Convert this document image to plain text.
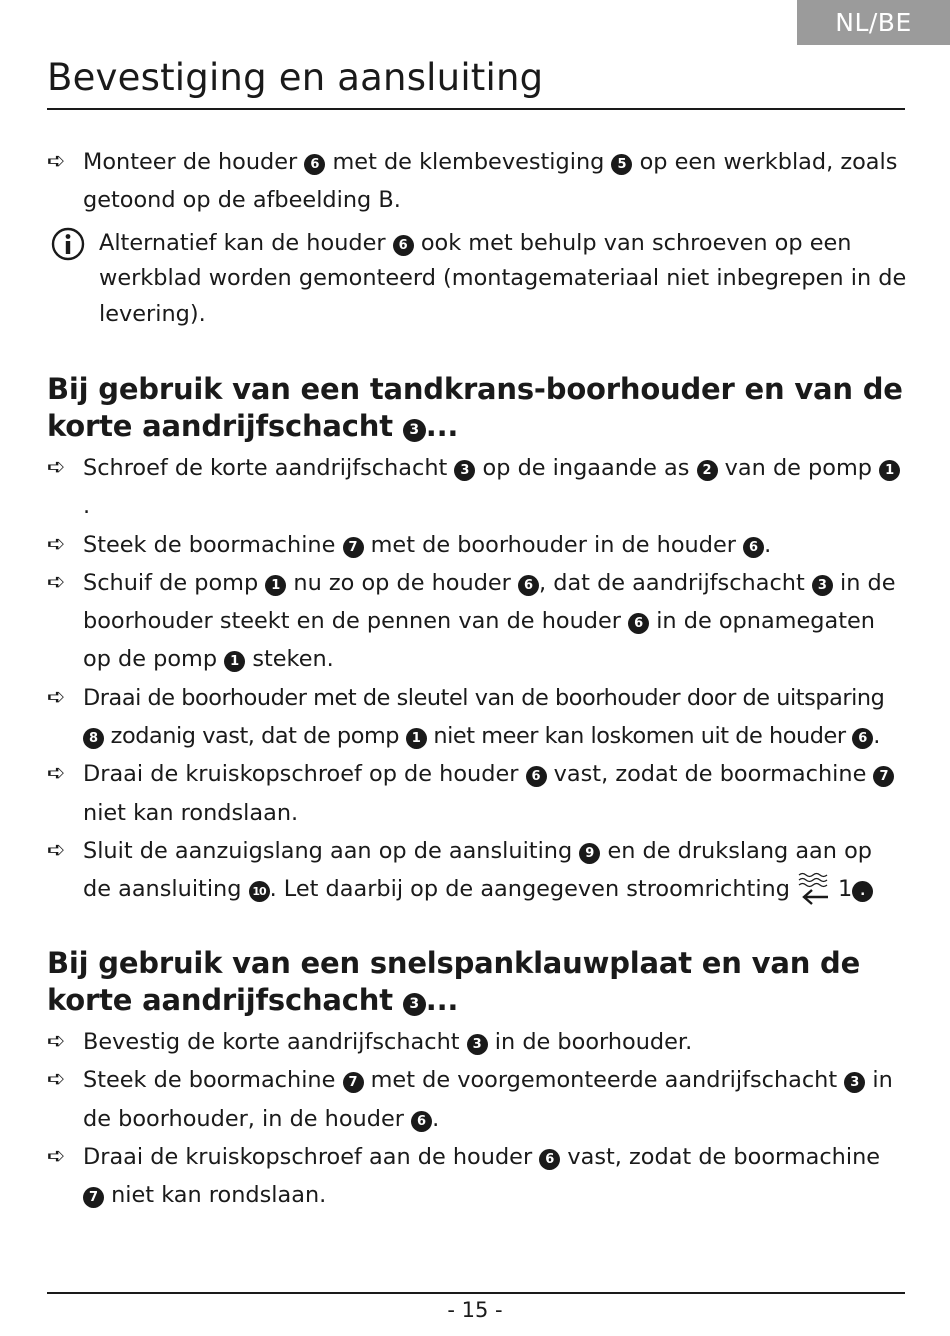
NL/BE
Bevestiging en aansluiting

➪ Monteer de houder 6 met de klembevestiging 5 op een werkblad, zoals getoond op de afbeelding B.

Alternatief kan de houder 6 ook met behulp van schroeven op een werkblad worden gemonteerd (montagemateriaal niet inbegrepen in de levering).
Bij gebruik van een tandkrans-boorhouder en van de korte aandrijfschacht 3 ...

➪ Schroef de korte aandrijfschacht 3 op de ingaande as 2 van de pomp 1.

➪ Steek de boormachine 7 met de boorhouder in de houder 6 .

➪ Schuif de pomp 1 nu zo op de houder 6 , dat de aandrijfschacht 3 in de boorhouder steekt en de pennen van de houder 6 in de opnamegaten op de pomp 1 steken.

➪ Draai de boorhouder met de sleutel van de boorhouder door de uitsparing 8 zodanig vast, dat de pomp 1 niet meer kan loskomen uit de houder 6 .

➪ Draai de kruiskopschroef op de houder 6 vast, zodat de boormachine 7 niet kan rondslaan.

➪ Sluit de aanzuigslang aan op de aansluiting 9 en de drukslang aan op de aansluiting 10 . Let daarbij op de aangegeven stroomrichting 1 .

Bij gebruik van een snelspanklauwplaat en van de korte aandrijfschacht 3 ...

➪ Bevestig de korte aandrijfschacht 3 in de boorhouder.

➪ Steek de boormachine 7 met de voorgemonteerde aandrijfschacht 3 in de boorhouder, in de houder 6 .

➪ Draai de kruiskopschroef aan de houder 6 vast, zodat de boormachine 7 niet kan rondslaan.

- 15 -
